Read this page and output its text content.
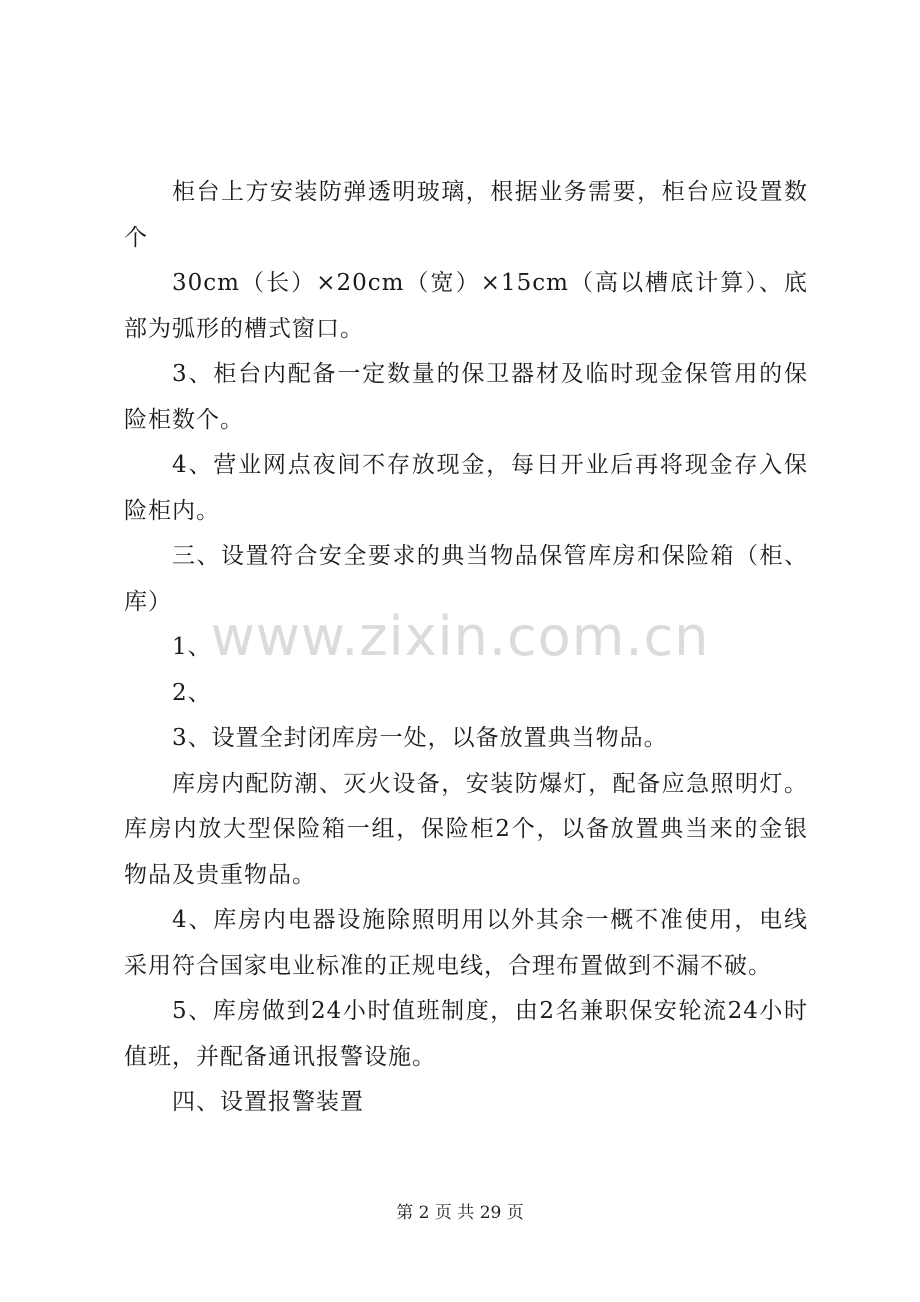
柜台上方安装防弹透明玻璃，根据业务需要，柜台应设置数个

30cm（长）×20cm（宽）×15cm（高以槽底计算）、底部为弧形的槽式窗口。

3、柜台内配备一定数量的保卫器材及临时现金保管用的保险柜数个。

4、营业网点夜间不存放现金，每日开业后再将现金存入保险柜内。

三、设置符合安全要求的典当物品保管库房和保险箱（柜、库）

1、

2、

3、设置全封闭库房一处，以备放置典当物品。

库房内配防潮、灭火设备，安装防爆灯，配备应急照明灯。库房内放大型保险箱一组，保险柜2个，以备放置典当来的金银物品及贵重物品。

4、库房内电器设施除照明用以外其余一概不准使用，电线采用符合国家电业标准的正规电线，合理布置做到不漏不破。

5、库房做到24小时值班制度，由2名兼职保安轮流24小时值班，并配备通讯报警设施。

四、设置报警装置

www.zixin.com.cn
第 2 页 共 29 页
